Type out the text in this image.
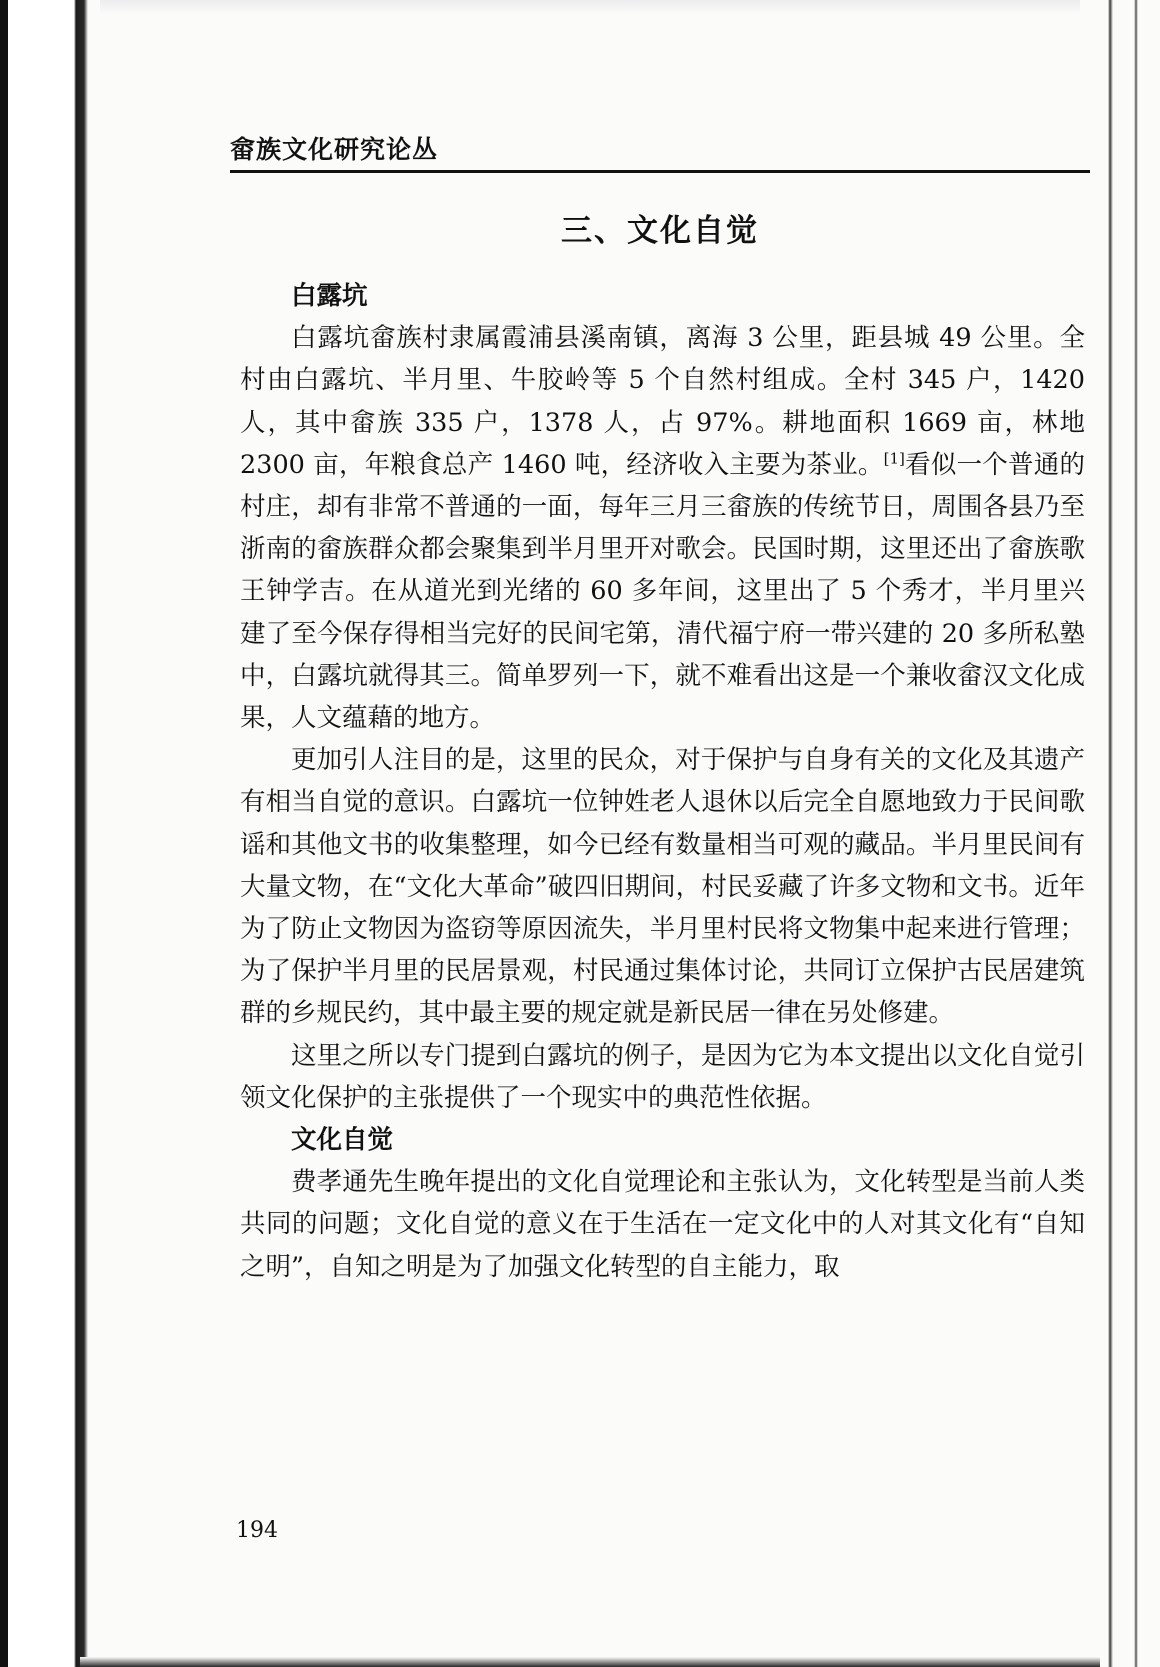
畲族文化研究论丛
三、文化自觉

白露坑

白露坑畲族村隶属霞浦县溪南镇，离海 3 公里，距县城 49 公里。全村由白露坑、半月里、牛胶岭等 5 个自然村组成。全村 345 户，1420 人，其中畲族 335 户，1378 人，占 97%。耕地面积 1669 亩，林地 2300 亩，年粮食总产 1460 吨，经济收入主要为茶业。[1]看似一个普通的村庄，却有非常不普通的一面，每年三月三畲族的传统节日，周围各县乃至浙南的畲族群众都会聚集到半月里开对歌会。民国时期，这里还出了畲族歌王钟学吉。在从道光到光绪的 60 多年间，这里出了 5 个秀才，半月里兴建了至今保存得相当完好的民间宅第，清代福宁府一带兴建的 20 多所私塾中，白露坑就得其三。简单罗列一下，就不难看出这是一个兼收畲汉文化成果，人文蕴藉的地方。

更加引人注目的是，这里的民众，对于保护与自身有关的文化及其遗产有相当自觉的意识。白露坑一位钟姓老人退休以后完全自愿地致力于民间歌谣和其他文书的收集整理，如今已经有数量相当可观的藏品。半月里民间有大量文物，在“文化大革命”破四旧期间，村民妥藏了许多文物和文书。近年为了防止文物因为盗窃等原因流失，半月里村民将文物集中起来进行管理；为了保护半月里的民居景观，村民通过集体讨论，共同订立保护古民居建筑群的乡规民约，其中最主要的规定就是新民居一律在另处修建。

这里之所以专门提到白露坑的例子，是因为它为本文提出以文化自觉引领文化保护的主张提供了一个现实中的典范性依据。

文化自觉

费孝通先生晚年提出的文化自觉理论和主张认为，文化转型是当前人类共同的问题；文化自觉的意义在于生活在一定文化中的人对其文化有“自知之明”，自知之明是为了加强文化转型的自主能力，取

194
